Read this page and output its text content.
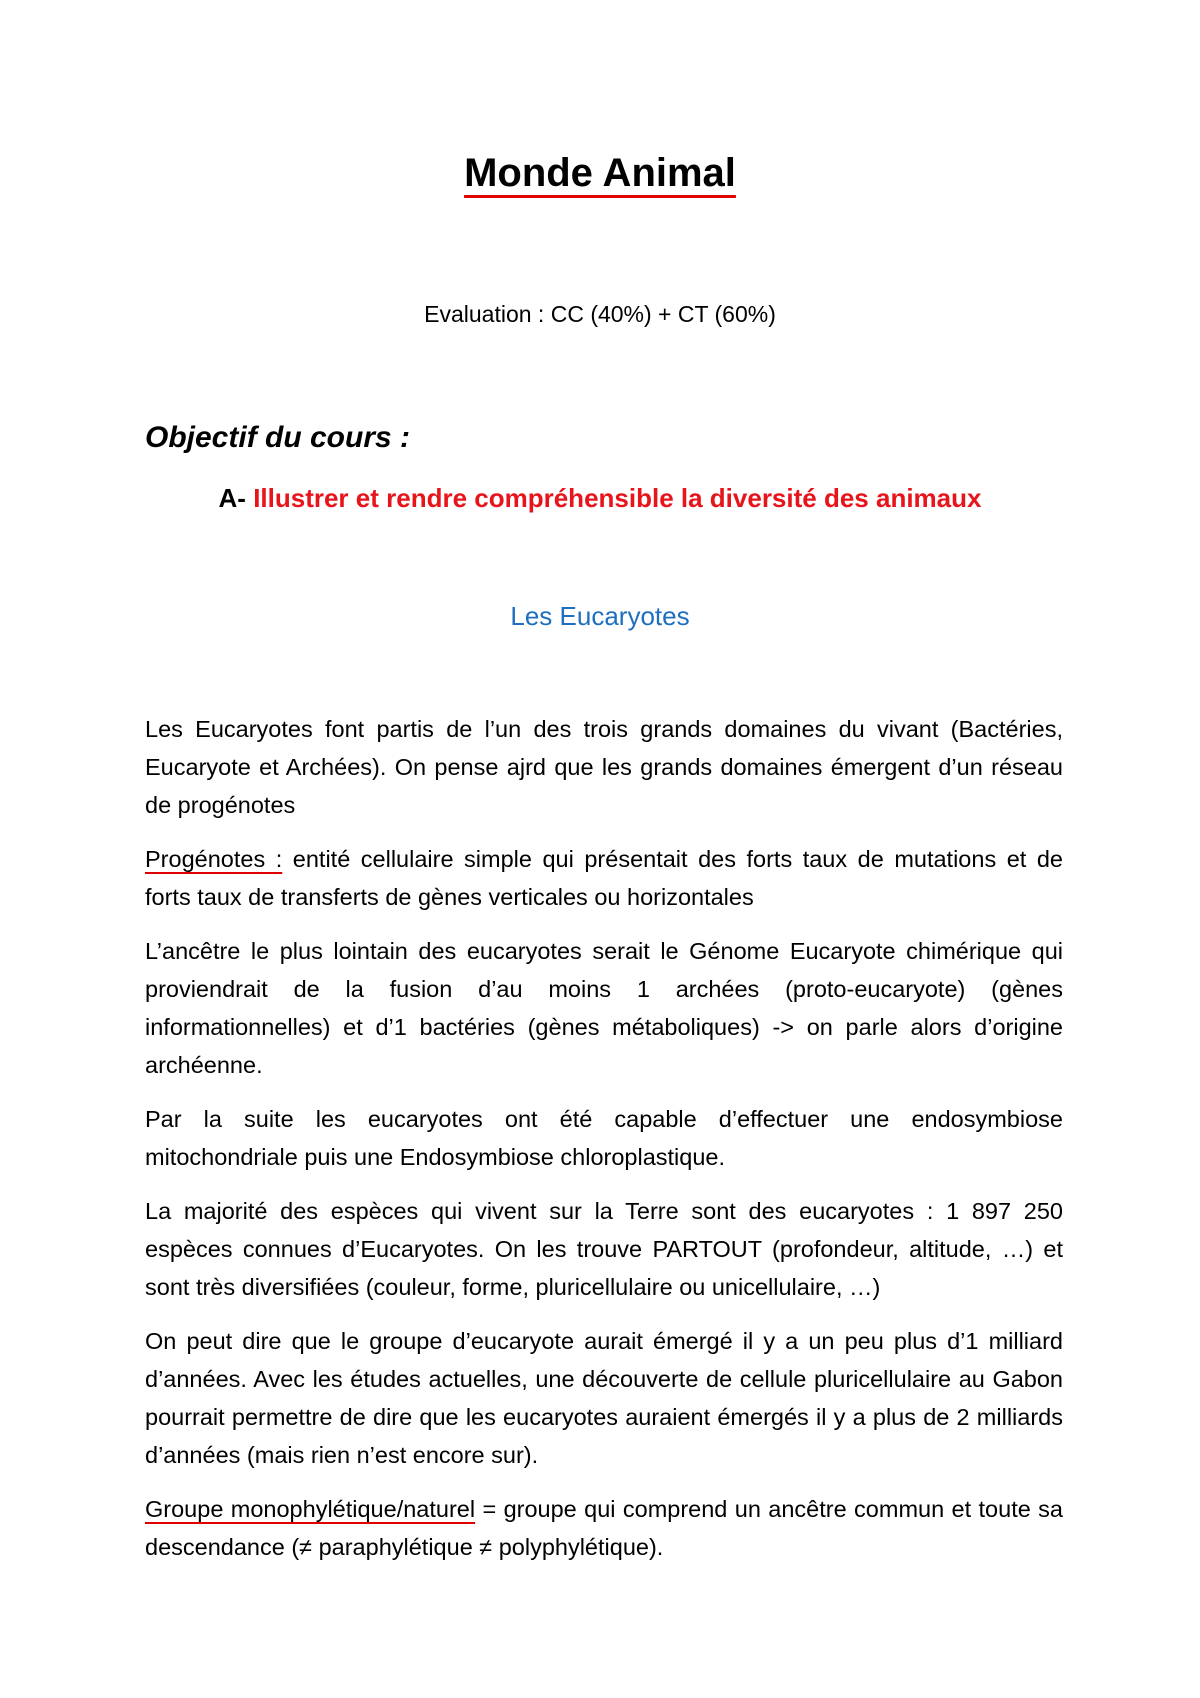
Monde Animal
Evaluation : CC (40%) + CT (60%)
Objectif du cours :
A- Illustrer et rendre compréhensible la diversité des animaux
Les Eucaryotes

Les Eucaryotes font partis de l’un des trois grands domaines du vivant (Bactéries, Eucaryote et Archées). On pense ajrd que les grands domaines émergent d’un réseau de progénotes

Progénotes : entité cellulaire simple qui présentait des forts taux de mutations et de forts taux de transferts de gènes verticales ou horizontales

L’ancêtre le plus lointain des eucaryotes serait le Génome Eucaryote chimérique qui proviendrait de la fusion d’au moins 1 archées (proto-eucaryote) (gènes informationnelles) et d’1 bactéries (gènes métaboliques) -> on parle alors d’origine archéenne.

Par la suite les eucaryotes ont été capable d’effectuer une endosymbiose mitochondriale puis une Endosymbiose chloroplastique.

La majorité des espèces qui vivent sur la Terre sont des eucaryotes : 1 897 250 espèces connues d’Eucaryotes. On les trouve PARTOUT (profondeur, altitude, …) et sont très diversifiées (couleur, forme, pluricellulaire ou unicellulaire, …)

On peut dire que le groupe d’eucaryote aurait émergé il y a un peu plus d’1 milliard d’années. Avec les études actuelles, une découverte de cellule pluricellulaire au Gabon pourrait permettre de dire que les eucaryotes auraient émergés il y a plus de 2 milliards d’années (mais rien n’est encore sur).

Groupe monophylétique/naturel = groupe qui comprend un ancêtre commun et toute sa descendance (≠ paraphylétique ≠ polyphylétique).
